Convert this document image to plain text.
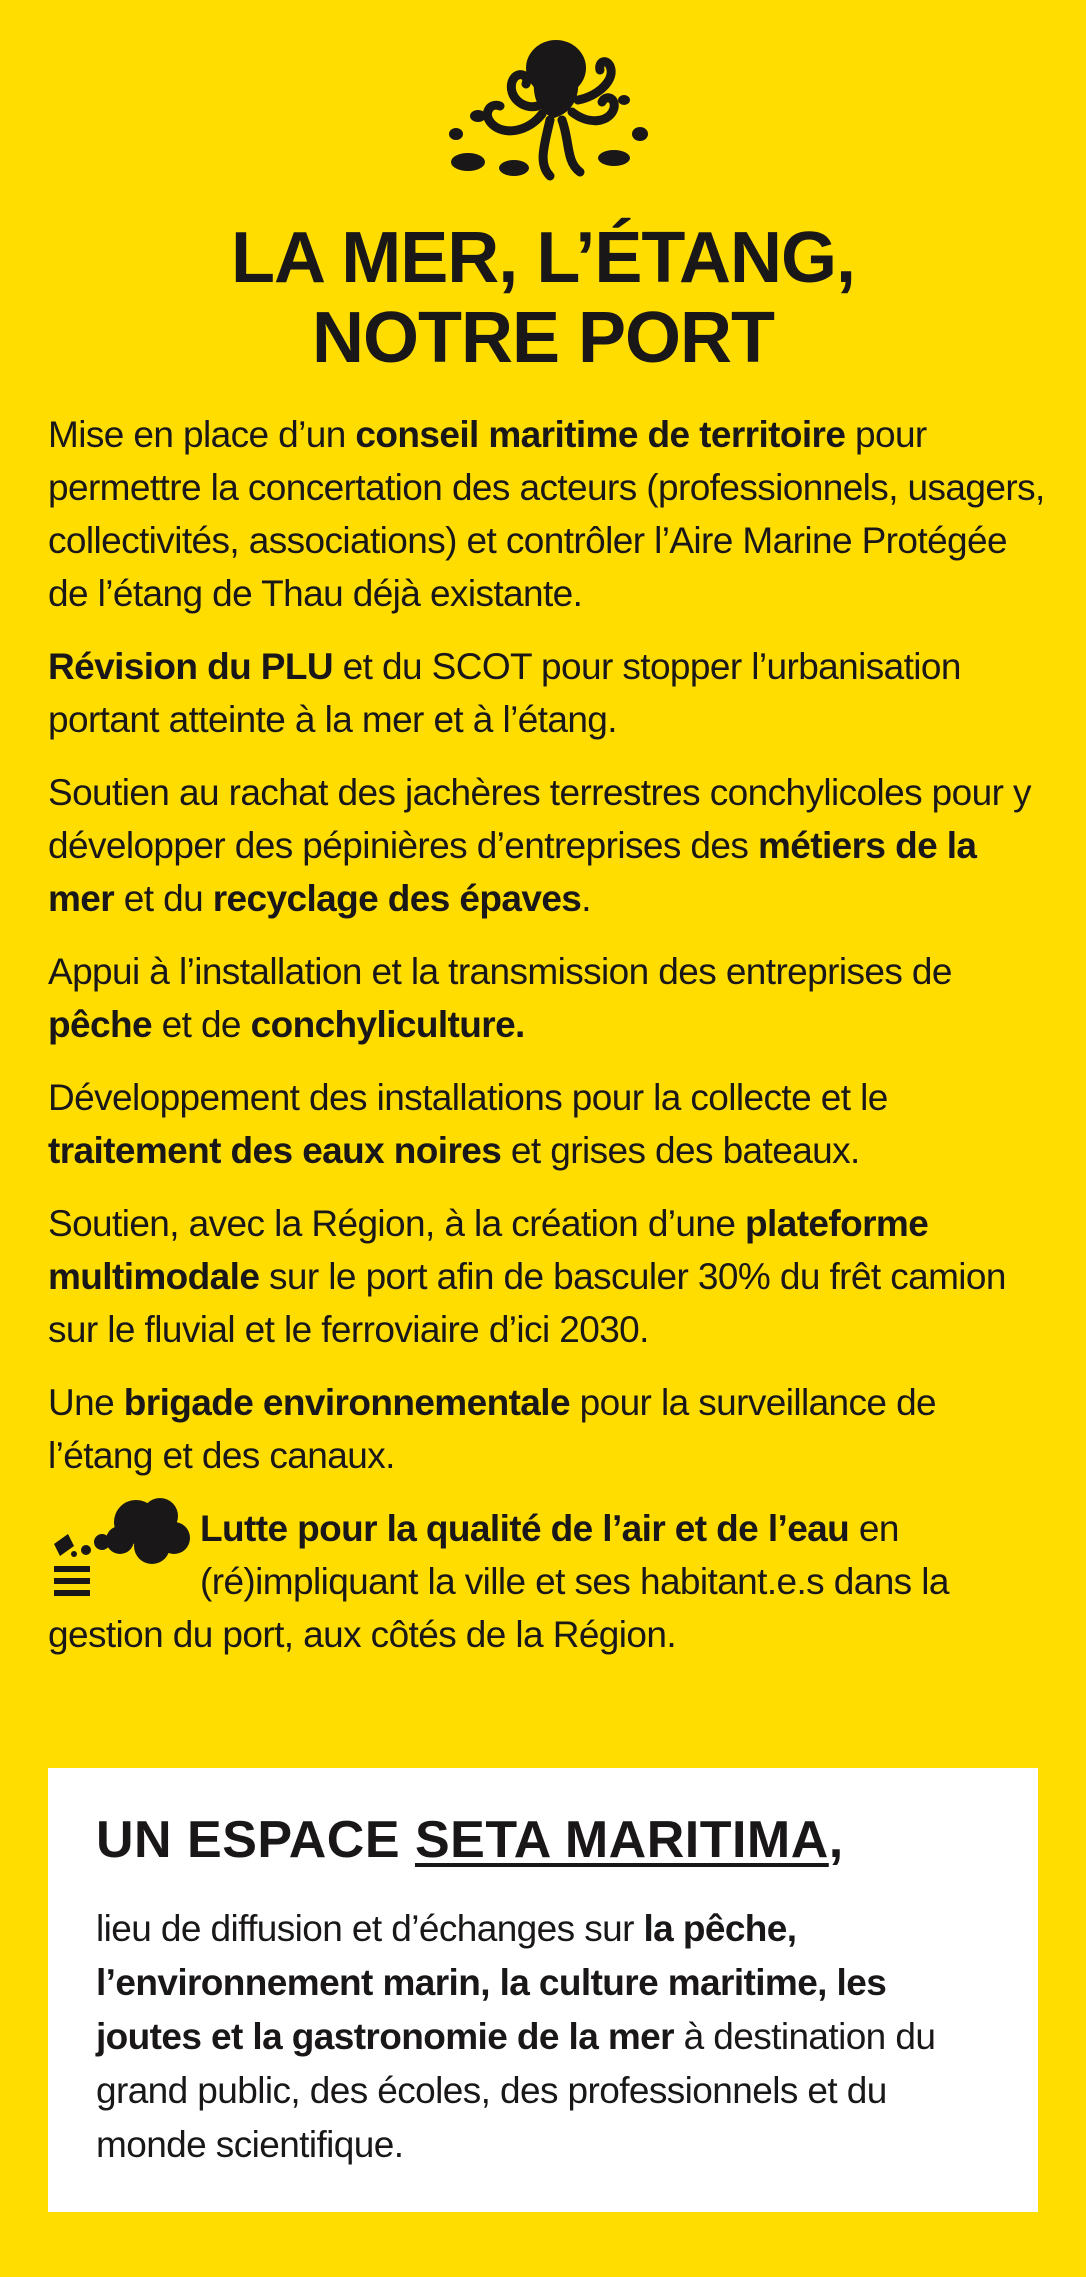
LA MER, L’ÉTANG,
NOTRE PORT

Mise en place d’un conseil maritime de territoire pour permettre la concertation des acteurs (professionnels, usagers, collectivités, associations) et contrôler l’Aire Marine Protégée de l’étang de Thau déjà existante.

Révision du PLU et du SCOT pour stopper l’urbanisation portant atteinte à la mer et à l’étang.

Soutien au rachat des jachères terrestres conchylicoles pour y développer des pépinières d’entreprises des métiers de la mer et du recyclage des épaves.

Appui à l’installation et la transmission des entreprises de pêche et de conchyliculture.

Développement des installations pour la collecte et le traitement des eaux noires et grises des bateaux.

Soutien, avec la Région, à la création d’une plateforme multimodale sur le port afin de basculer 30% du frêt camion sur le fluvial et le ferroviaire d’ici 2030.

Une brigade environnementale pour la surveillance de l’étang et des canaux.

Lutte pour la qualité de l’air et de l’eau en (ré)impliquant la ville et ses habitant.e.s dans la gestion du port, aux côtés de la Région.

UN ESPACE SETA MARITIMA,

lieu de diffusion et d’échanges sur la pêche, l’environnement marin, la culture maritime, les joutes et la gastronomie de la mer à destination du grand public, des écoles, des professionnels et du monde scientifique.
